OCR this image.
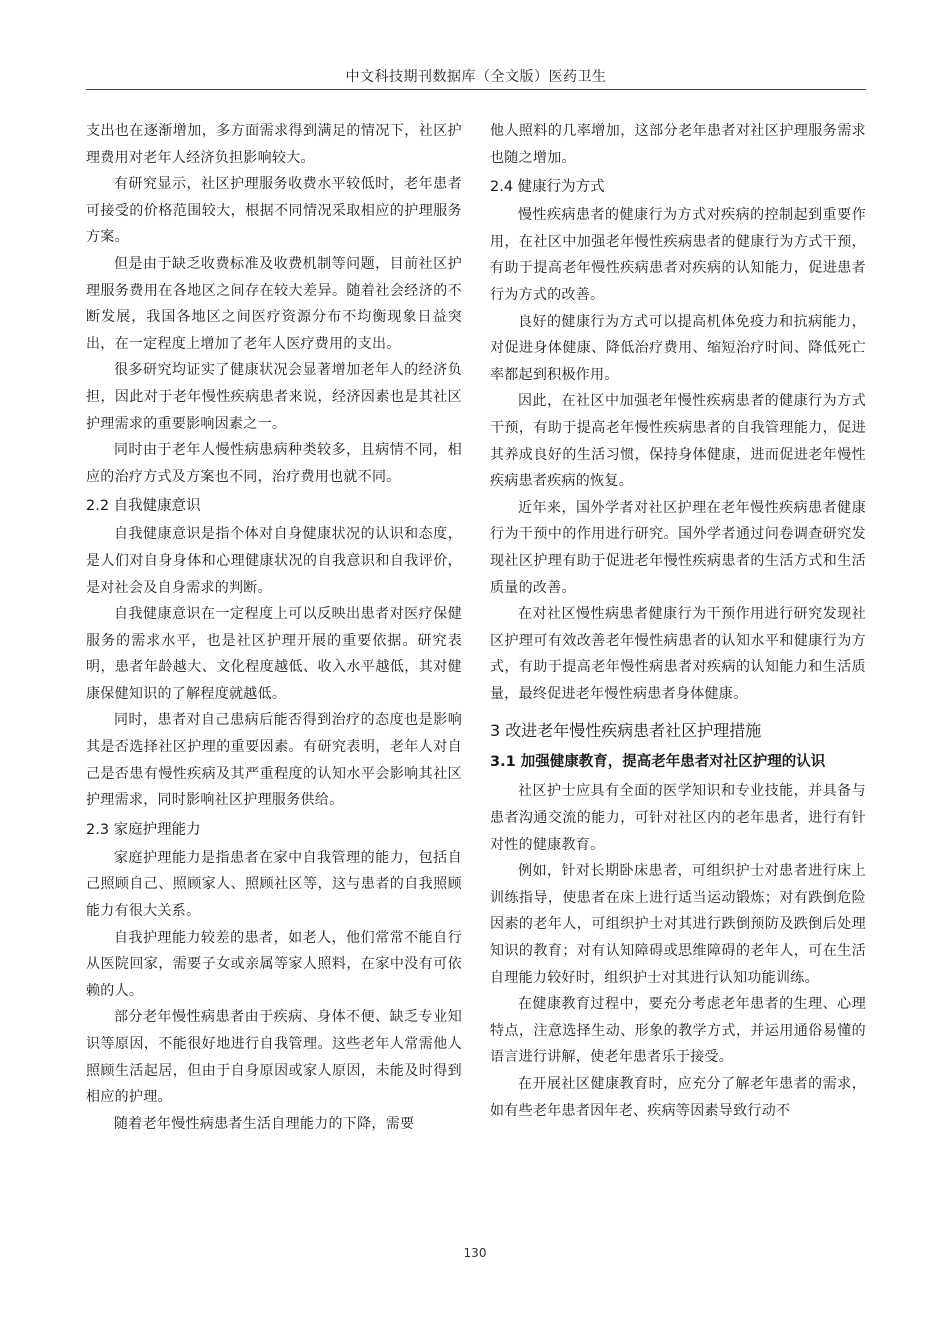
中文科技期刊数据库（全文版）医药卫生

支出也在逐渐增加，多方面需求得到满足的情况下，社区护理费用对老年人经济负担影响较大。

有研究显示，社区护理服务收费水平较低时，老年患者可接受的价格范围较大，根据不同情况采取相应的护理服务方案。

但是由于缺乏收费标准及收费机制等问题，目前社区护理服务费用在各地区之间存在较大差异。随着社会经济的不断发展，我国各地区之间医疗资源分布不均衡现象日益突出，在一定程度上增加了老年人医疗费用的支出。

很多研究均证实了健康状况会显著增加老年人的经济负担，因此对于老年慢性疾病患者来说，经济因素也是其社区护理需求的重要影响因素之一。

同时由于老年人慢性病患病种类较多，且病情不同，相应的治疗方式及方案也不同，治疗费用也就不同。

2.2 自我健康意识

自我健康意识是指个体对自身健康状况的认识和态度，是人们对自身身体和心理健康状况的自我意识和自我评价，是对社会及自身需求的判断。

自我健康意识在一定程度上可以反映出患者对医疗保健服务的需求水平，也是社区护理开展的重要依据。研究表明，患者年龄越大、文化程度越低、收入水平越低，其对健康保健知识的了解程度就越低。

同时，患者对自己患病后能否得到治疗的态度也是影响其是否选择社区护理的重要因素。有研究表明，老年人对自己是否患有慢性疾病及其严重程度的认知水平会影响其社区护理需求，同时影响社区护理服务供给。

2.3 家庭护理能力

家庭护理能力是指患者在家中自我管理的能力，包括自己照顾自己、照顾家人、照顾社区等，这与患者的自我照顾能力有很大关系。

自我护理能力较差的患者，如老人，他们常常不能自行从医院回家，需要子女或亲属等家人照料，在家中没有可依赖的人。

部分老年慢性病患者由于疾病、身体不便、缺乏专业知识等原因，不能很好地进行自我管理。这些老年人常需他人照顾生活起居，但由于自身原因或家人原因，未能及时得到相应的护理。

随着老年慢性病患者生活自理能力的下降，需要

他人照料的几率增加，这部分老年患者对社区护理服务需求也随之增加。

2.4 健康行为方式

慢性疾病患者的健康行为方式对疾病的控制起到重要作用，在社区中加强老年慢性疾病患者的健康行为方式干预，有助于提高老年慢性疾病患者对疾病的认知能力，促进患者行为方式的改善。

良好的健康行为方式可以提高机体免疫力和抗病能力，对促进身体健康、降低治疗费用、缩短治疗时间、降低死亡率都起到积极作用。

因此，在社区中加强老年慢性疾病患者的健康行为方式干预，有助于提高老年慢性疾病患者的自我管理能力，促进其养成良好的生活习惯，保持身体健康，进而促进老年慢性疾病患者疾病的恢复。

近年来，国外学者对社区护理在老年慢性疾病患者健康行为干预中的作用进行研究。国外学者通过问卷调查研究发现社区护理有助于促进老年慢性疾病患者的生活方式和生活质量的改善。

在对社区慢性病患者健康行为干预作用进行研究发现社区护理可有效改善老年慢性病患者的认知水平和健康行为方式，有助于提高老年慢性病患者对疾病的认知能力和生活质量，最终促进老年慢性病患者身体健康。

3 改进老年慢性疾病患者社区护理措施
3.1 加强健康教育，提高老年患者对社区护理的认识

社区护士应具有全面的医学知识和专业技能，并具备与患者沟通交流的能力，可针对社区内的老年患者，进行有针对性的健康教育。

例如，针对长期卧床患者，可组织护士对患者进行床上训练指导，使患者在床上进行适当运动锻炼；对有跌倒危险因素的老年人，可组织护士对其进行跌倒预防及跌倒后处理知识的教育；对有认知障碍或思维障碍的老年人，可在生活自理能力较好时，组织护士对其进行认知功能训练。

在健康教育过程中，要充分考虑老年患者的生理、心理特点，注意选择生动、形象的教学方式，并运用通俗易懂的语言进行讲解，使老年患者乐于接受。

在开展社区健康教育时，应充分了解老年患者的需求，如有些老年患者因年老、疾病等因素导致行动不

130
